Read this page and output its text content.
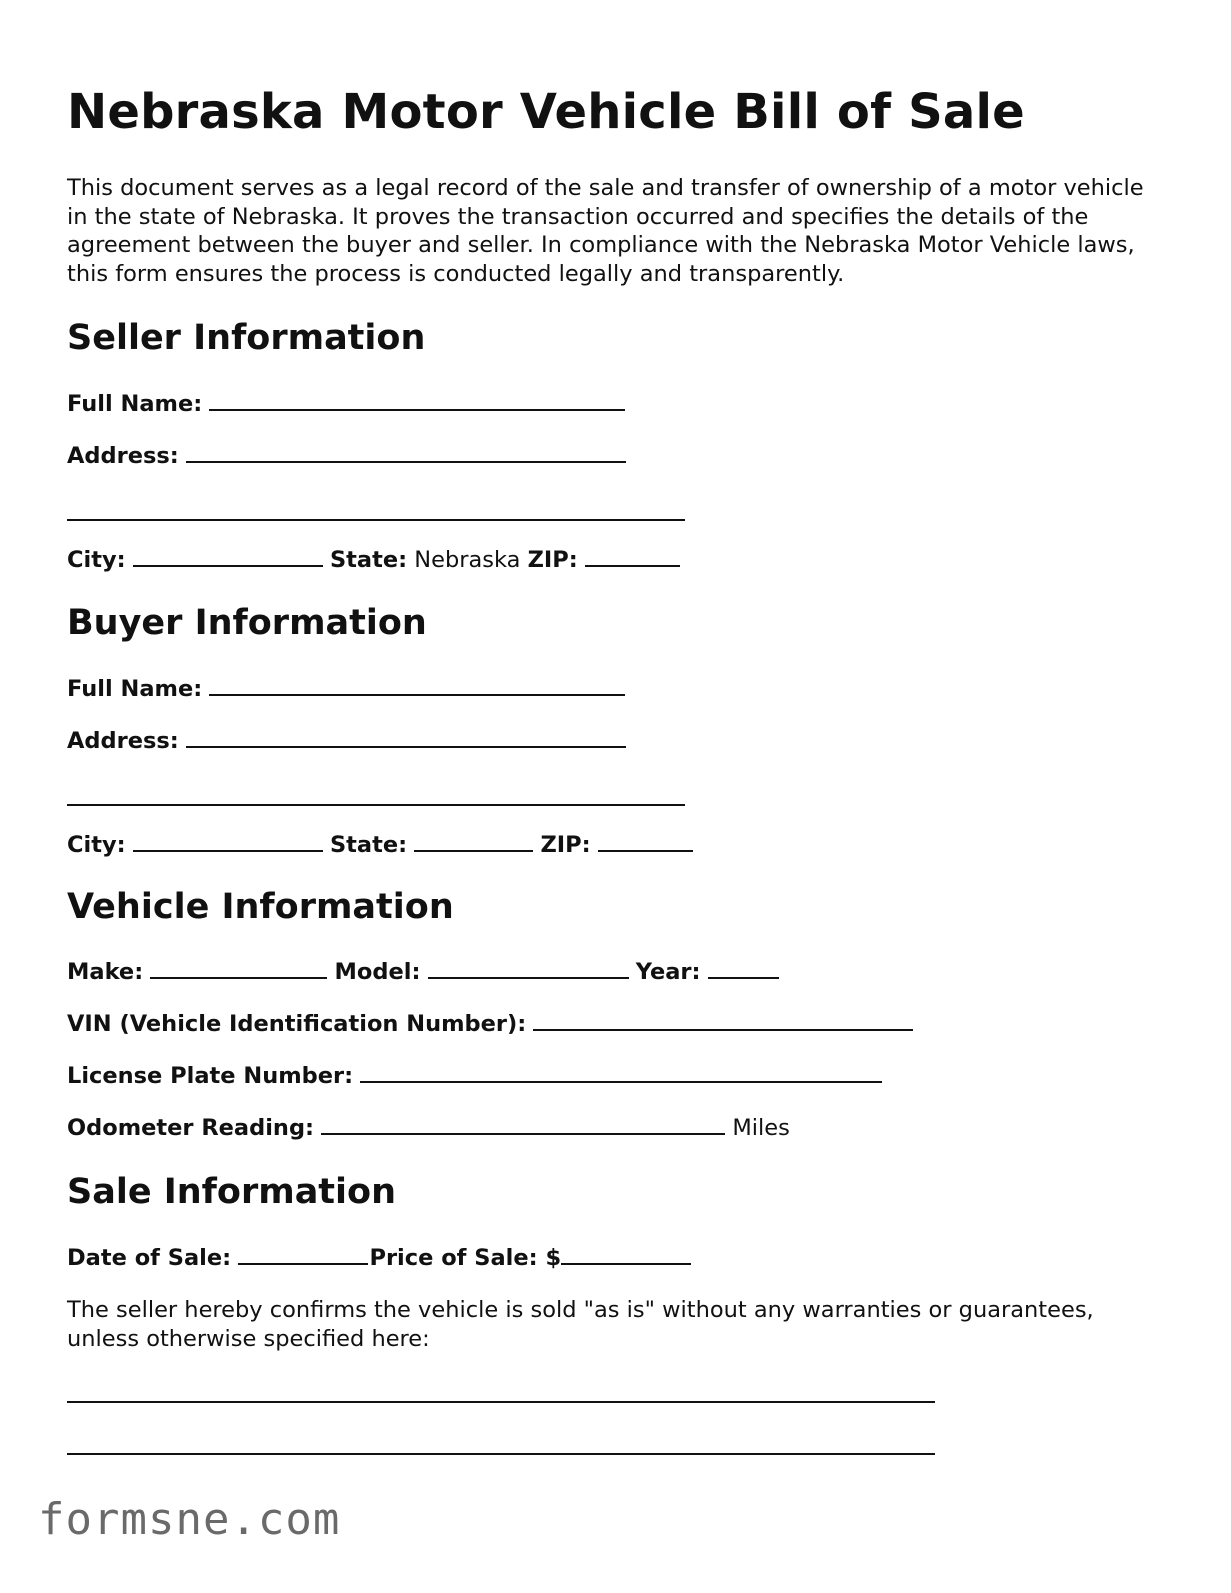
Nebraska Motor Vehicle Bill of Sale

This document serves as a legal record of the sale and transfer of ownership of a motor vehicle in the state of Nebraska. It proves the transaction occurred and specifies the details of the agreement between the buyer and seller. In compliance with the Nebraska Motor Vehicle laws, this form ensures the process is conducted legally and transparently.

Seller Information
Full Name:
Address:
City:	State: Nebraska ZIP:
Buyer Information
Full Name:
Address:
City:	State:	ZIP:
Vehicle Information
Make:	Model:	Year:
VIN (Vehicle Identification Number):
License Plate Number:
Odometer Reading:	Miles
Sale Information
Date of Sale:	Price of Sale: $

The seller hereby confirms the vehicle is sold "as is" without any warranties or guarantees, unless otherwise specified here:

formsne.com
